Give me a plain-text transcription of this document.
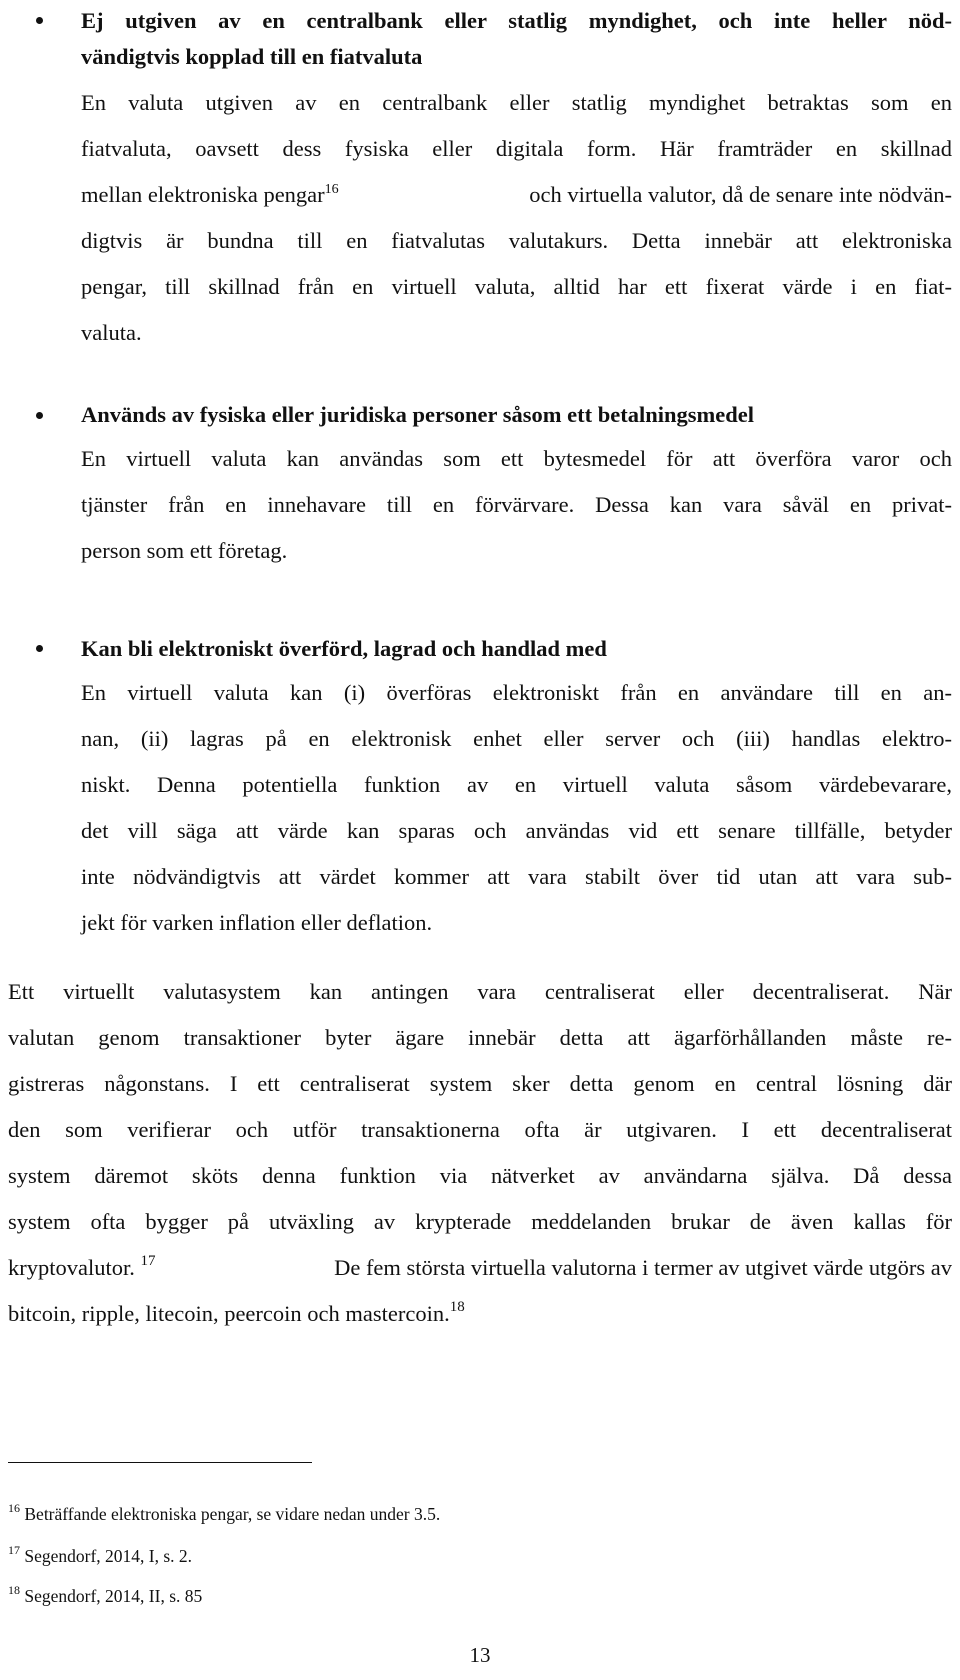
Ej utgiven av en centralbank eller statlig myndighet, och inte heller nöd-
vändigtvis kopplad till en fiatvaluta
En valuta utgiven av en centralbank eller statlig myndighet betraktas som en
fiatvaluta, oavsett dess fysiska eller digitala form. Här framträder en skillnad
mellan elektroniska pengar$^{16}$	och virtuella valutor, då de senare inte nödvän-
digtvis är bundna till en fiatvalutas valutakurs. Detta innebär att elektroniska
pengar, till skillnad från en virtuell valuta, alltid har ett fixerat värde i en fiat-
valuta.
Används av fysiska eller juridiska personer såsom ett betalningsmedel
En virtuell valuta kan användas som ett bytesmedel för att överföra varor och
tjänster från en innehavare till en förvärvare. Dessa kan vara såväl en privat-
person som ett företag.
Kan bli elektroniskt överförd, lagrad och handlad med
En virtuell valuta kan (i) överföras elektroniskt från en användare till en an-
nan, (ii) lagras på en elektronisk enhet eller server och (iii) handlas elektro-
niskt. Denna potentiella funktion av en virtuell valuta såsom värdebevarare,
det vill säga att värde kan sparas och användas vid ett senare tillfälle, betyder
inte nödvändigtvis att värdet kommer att vara stabilt över tid utan att vara sub-
jekt för varken inflation eller deflation.
Ett virtuellt valutasystem kan antingen vara centraliserat eller decentraliserat. När
valutan genom transaktioner byter ägare innebär detta att ägarförhållanden måste re-
gistreras någonstans. I ett centraliserat system sker detta genom en central lösning där
den som verifierar och utför transaktionerna ofta är utgivaren. I ett decentraliserat
system däremot sköts denna funktion via nätverket av användarna själva. Då dessa
system ofta bygger på utväxling av krypterade meddelanden brukar de även kallas för
kryptovalutor. $^{17}$	De fem största virtuella valutorna i termer av utgivet värde utgörs av
bitcoin, ripple, litecoin, peercoin och mastercoin.$^{18}$
$^{16}$ Beträffande elektroniska pengar, se vidare nedan under 3.5.
$^{17}$ Segendorf, 2014, I, s. 2.
$^{18}$ Segendorf, 2014, II, s. 85
13
